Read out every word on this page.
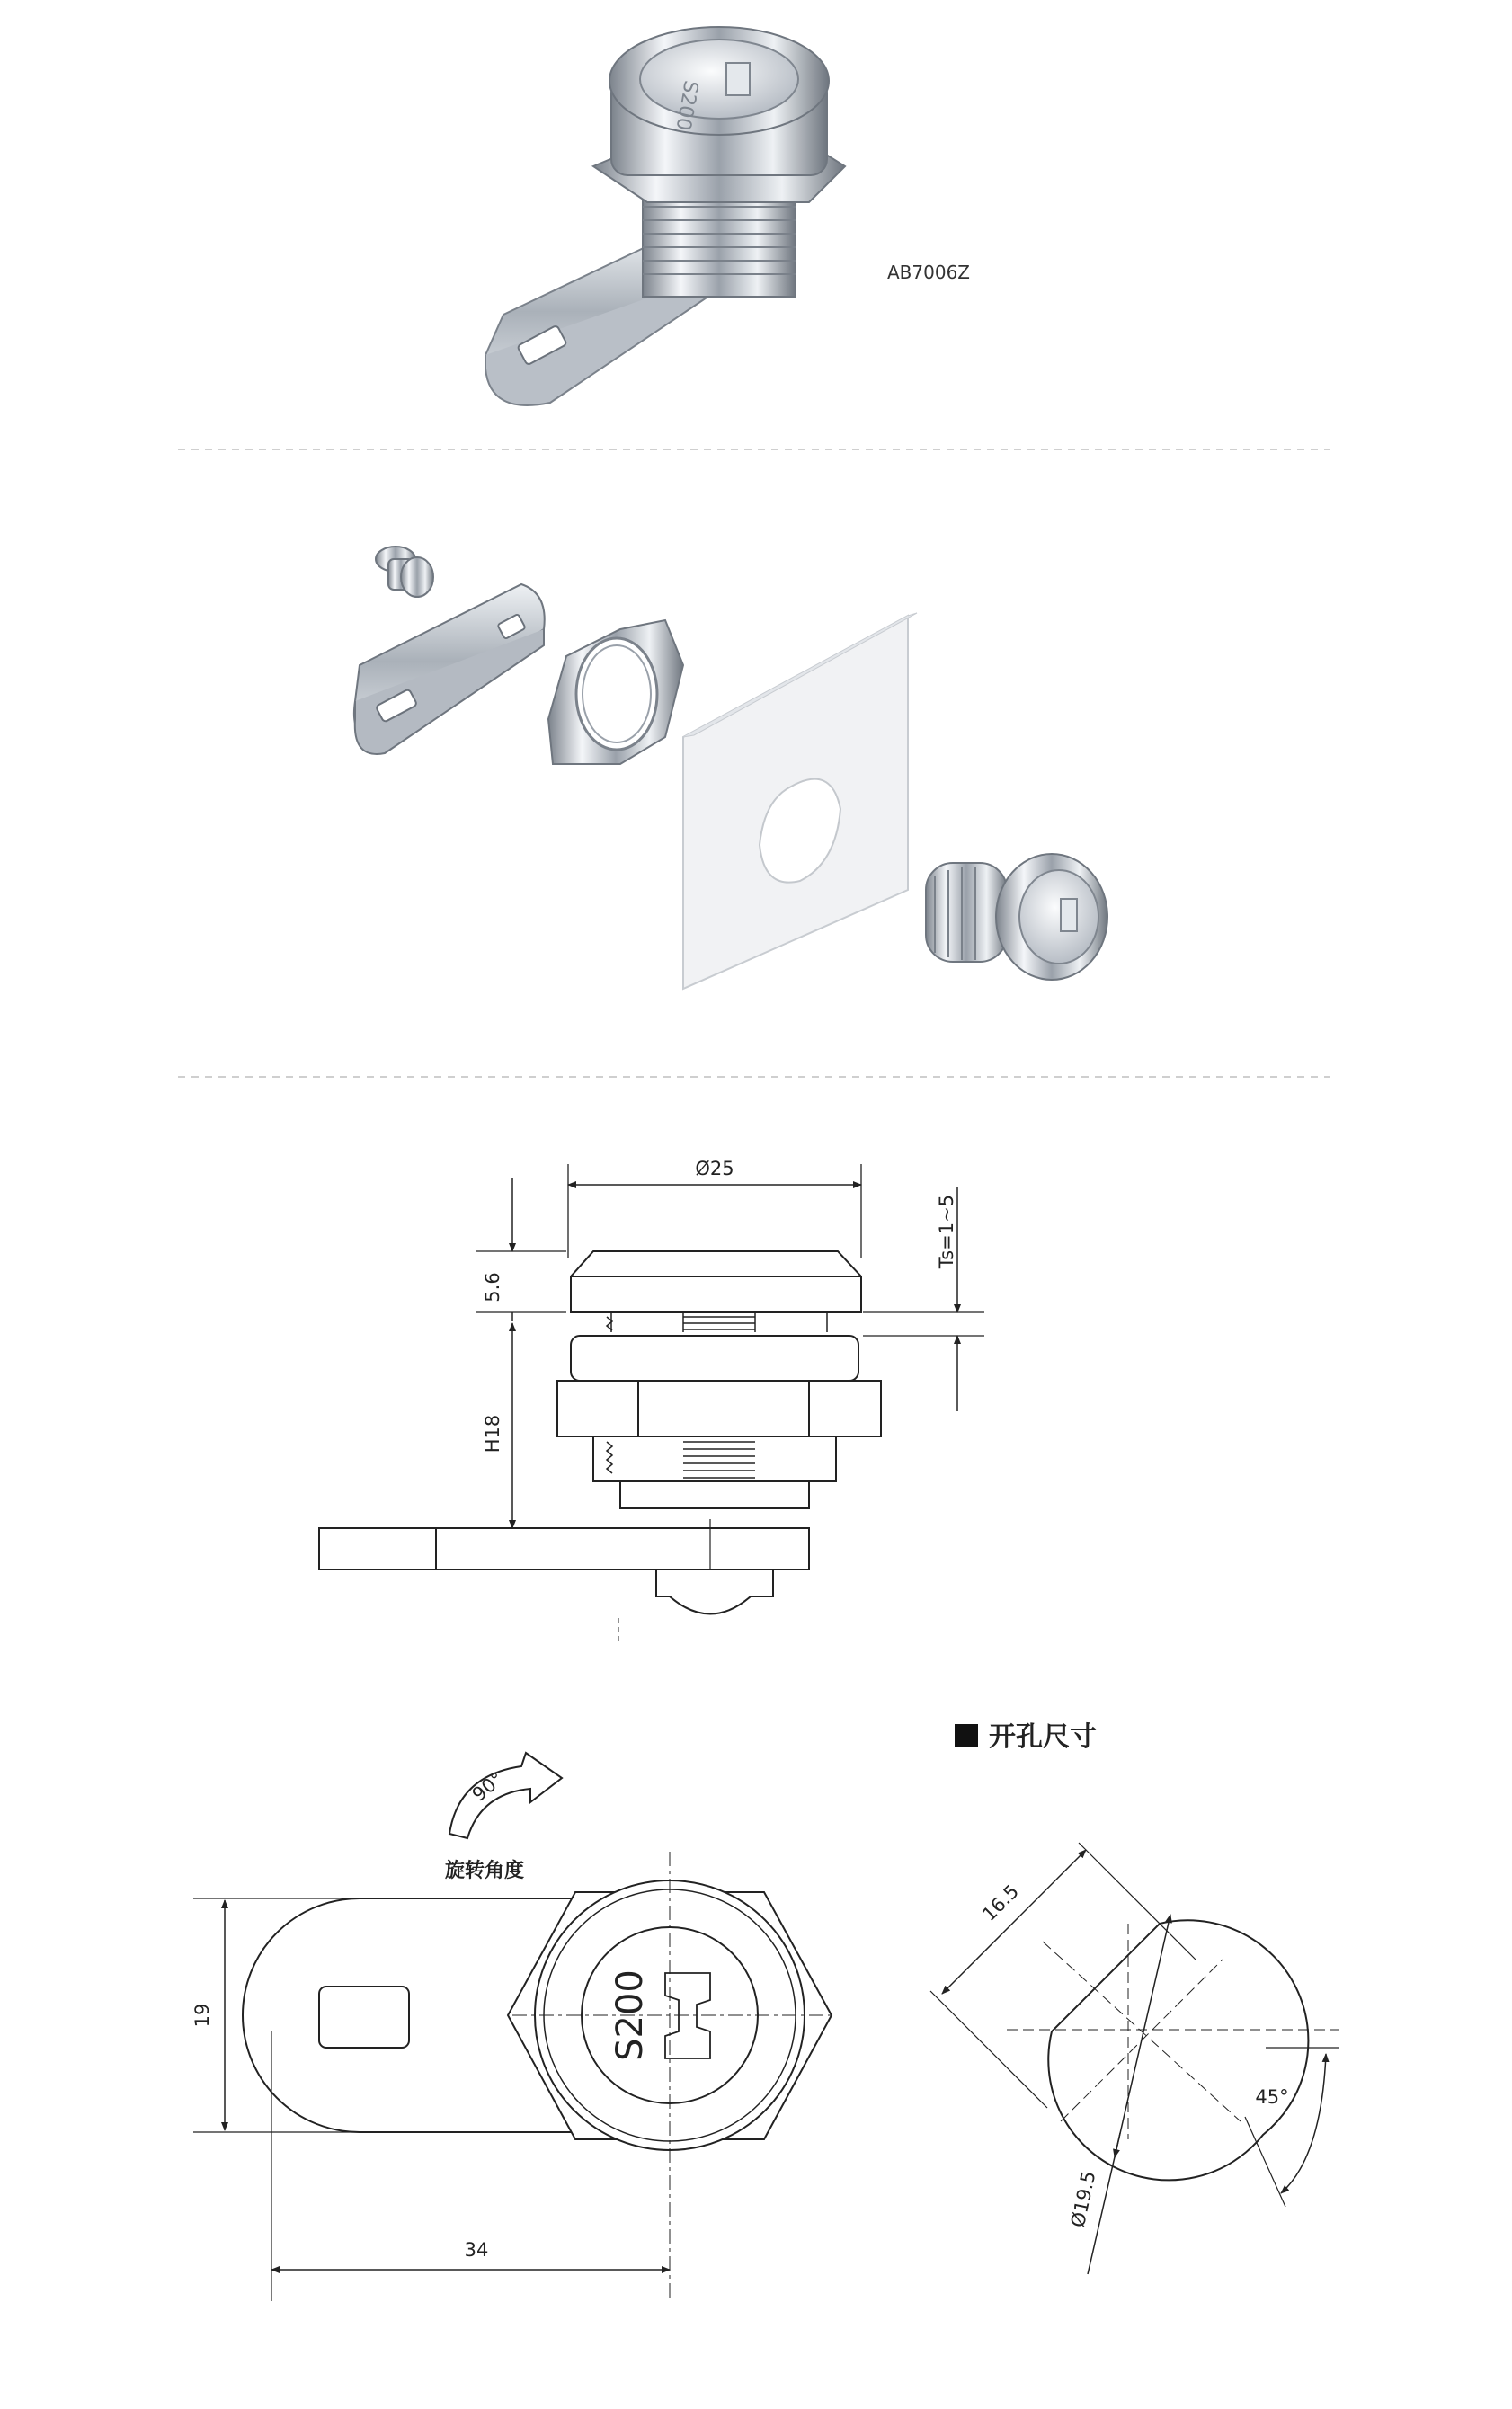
S200
AB7006Z
Ø25
Ts=1~5
5.6
H18
90°
旋转角度
S200
19
34
开孔尺寸
16.5
Ø19.5
45°
